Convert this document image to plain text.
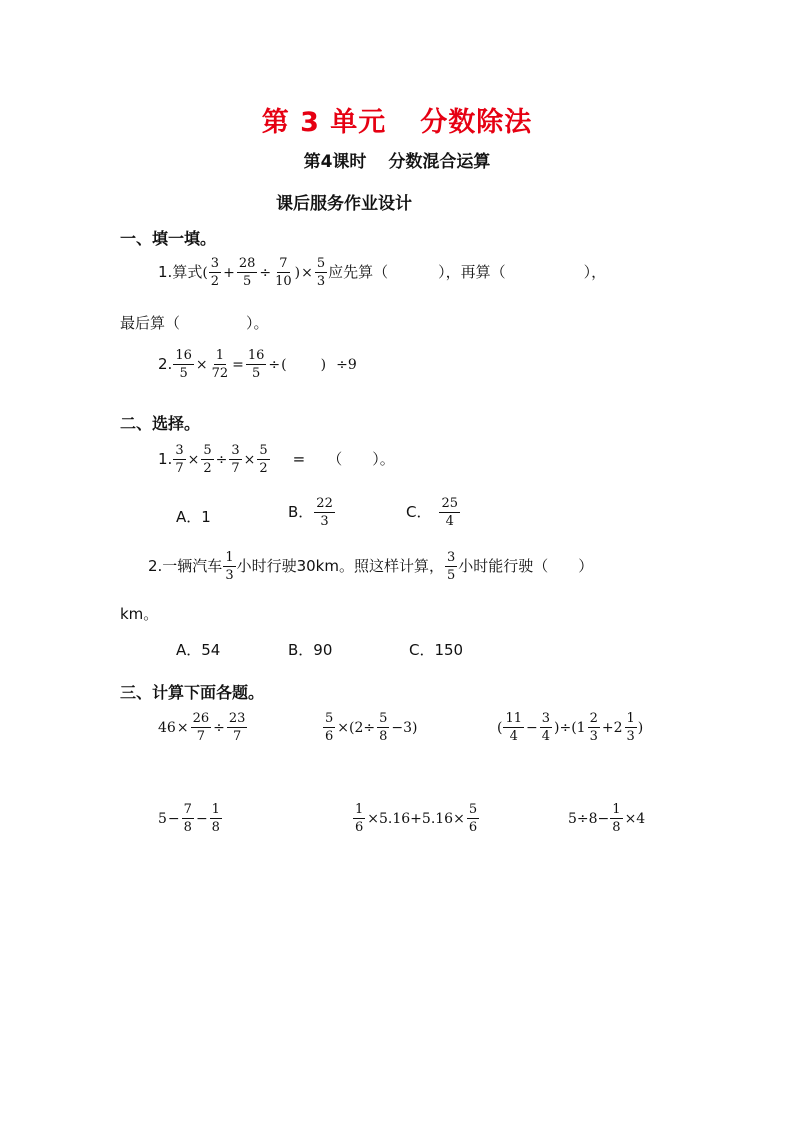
第 3 单元 分数除法
第4课时 分数混合运算
课后服务作业设计
一、填一填。
1. 算式 ( $\frac{3}{2} + \frac{28}{5} \div \frac{7}{10}$ ) × $\frac{5}{3}$ 应先算（	），再算（	），
最后算（	）。
2. $\frac{16}{5} \times \frac{1}{72} = \frac{16}{5}$ ÷ ( ) ÷9
二、选择。
1. $\frac{3}{7} \times \frac{5}{2} \div \frac{3}{7} \times \frac{5}{2}$ = （　　）。
A．1	B． $\frac{22}{3}$	C． $\frac{25}{4}$
2.一辆汽车 $\frac{1}{3}$ 小时行驶30km。照这样计算， $\frac{3}{5}$ 小时能行驶（　　）
km。
A．54	B．90	C．150
三、计算下面各题。
$46 \times \frac{26}{7} \div \frac{23}{7}$	$\frac{5}{6} \times(2\div \frac{5}{8} -3)$	( $\frac{11}{4} - \frac{3}{4} )\div(1 \frac{2}{3} +2 \frac{1}{3}$ )
$5 - \frac{7}{8} - \frac{1}{8}$	$\frac{1}{6} \times 5.16+5.16\times \frac{5}{6}$	$5\div 8- \frac{1}{8} \times 4$
